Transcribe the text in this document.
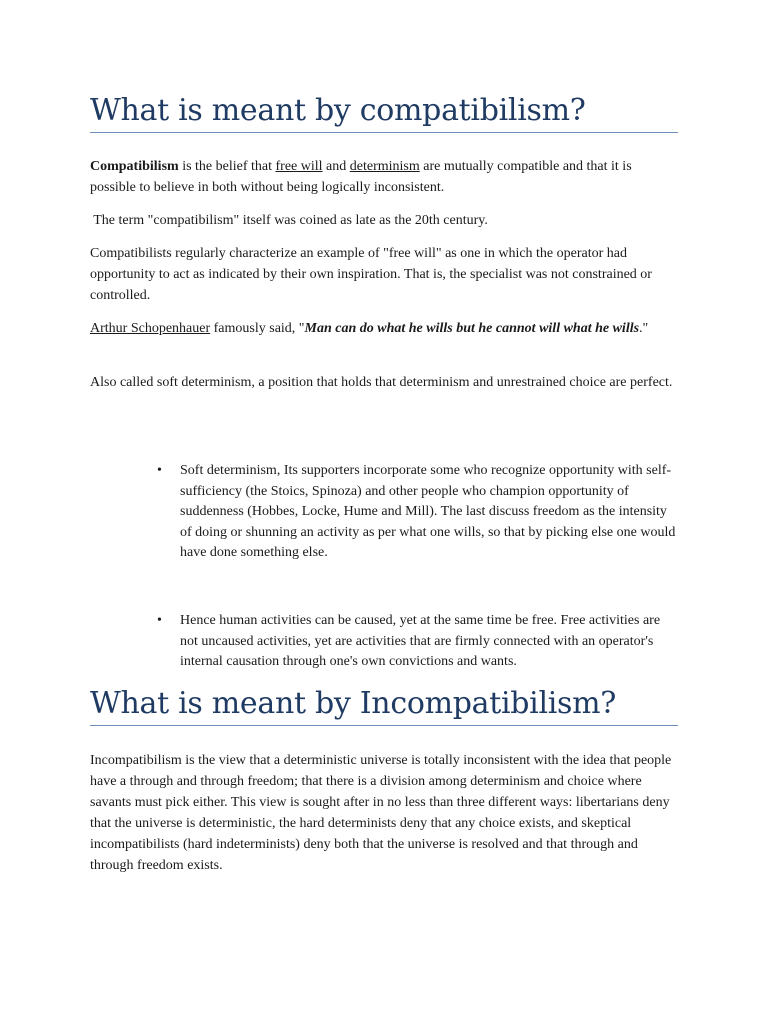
What is meant by compatibilism?

Compatibilism is the belief that free will and determinism are mutually compatible and that it is possible to believe in both without being logically inconsistent.

The term "compatibilism" itself was coined as late as the 20th century.

Compatibilists regularly characterize an example of "free will" as one in which the operator had opportunity to act as indicated by their own inspiration. That is, the specialist was not constrained or controlled.

Arthur Schopenhauer famously said, "Man can do what he wills but he cannot will what he wills."

Also called soft determinism, a position that holds that determinism and unrestrained choice are perfect.

• Soft determinism, Its supporters incorporate some who recognize opportunity with self-sufficiency (the Stoics, Spinoza) and other people who champion opportunity of suddenness (Hobbes, Locke, Hume and Mill). The last discuss freedom as the intensity of doing or shunning an activity as per what one wills, so that by picking else one would have done something else.
• Hence human activities can be caused, yet at the same time be free. Free activities are not uncaused activities, yet are activities that are firmly connected with an operator's internal causation through one's own convictions and wants.
What is meant by Incompatibilism?

Incompatibilism is the view that a deterministic universe is totally inconsistent with the idea that people have a through and through freedom; that there is a division among determinism and choice where savants must pick either. This view is sought after in no less than three different ways: libertarians deny that the universe is deterministic, the hard determinists deny that any choice exists, and skeptical incompatibilists (hard indeterminists) deny both that the universe is resolved and that through and through freedom exists.
